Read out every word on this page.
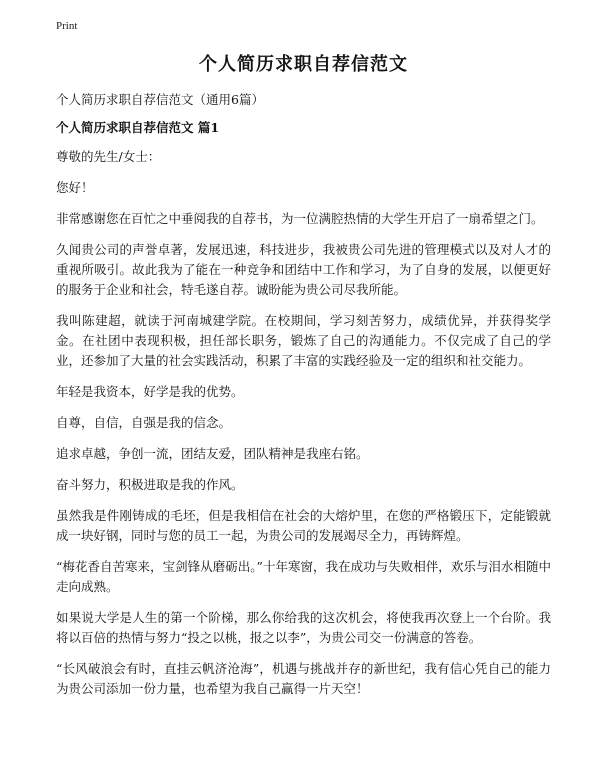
Print
个人简历求职自荐信范文
个人简历求职自荐信范文（通用6篇）
个人简历求职自荐信范文 篇1

尊敬的先生/女士：

您好！

非常感谢您在百忙之中垂阅我的自荐书，为一位满腔热情的大学生开启了一扇希望之门。

久闻贵公司的声誉卓著，发展迅速，科技进步，我被贵公司先进的管理模式以及对人才的重视所吸引。故此我为了能在一种竞争和团结中工作和学习，为了自身的发展，以便更好的服务于企业和社会，特毛遂自荐。诚盼能为贵公司尽我所能。

我叫陈建超，就读于河南城建学院。在校期间，学习刻苦努力，成绩优异，并获得奖学金。在社团中表现积极，担任部长职务，锻炼了自己的沟通能力。不仅完成了自己的学业，还参加了大量的社会实践活动，积累了丰富的实践经验及一定的组织和社交能力。

年轻是我资本，好学是我的优势。

自尊，自信，自强是我的信念。

追求卓越，争创一流，团结友爱，团队精神是我座右铭。

奋斗努力，积极进取是我的作风。

虽然我是件刚铸成的毛坯，但是我相信在社会的大熔炉里，在您的严格锻压下，定能锻就成一块好钢，同时与您的员工一起，为贵公司的发展竭尽全力，再铸辉煌。

“梅花香自苦寒来，宝剑锋从磨砺出。”十年寒窗，我在成功与失败相伴，欢乐与泪水相随中走向成熟。

如果说大学是人生的第一个阶梯，那么你给我的这次机会，将使我再次登上一个台阶。我将以百倍的热情与努力“投之以桃，报之以李”，为贵公司交一份满意的答卷。

“长风破浪会有时，直挂云帆济沧海”，机遇与挑战并存的新世纪，我有信心凭自己的能力为贵公司添加一份力量，也希望为我自己赢得一片天空！
